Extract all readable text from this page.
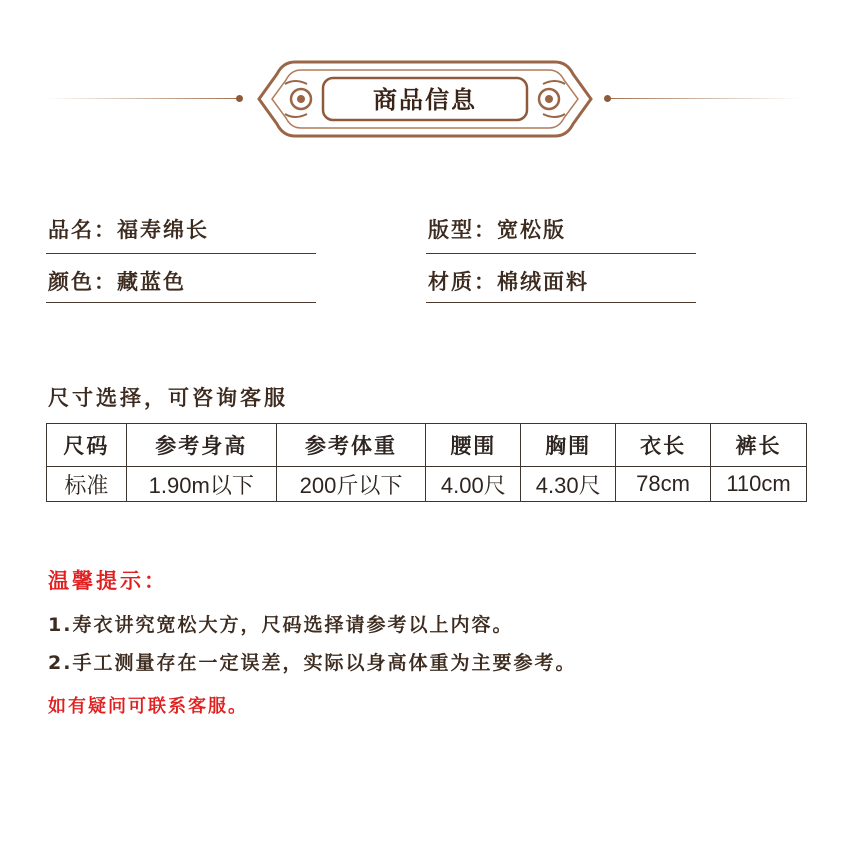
商品信息
品名：福寿绵长	版型：宽松版
颜色：藏蓝色	材质：棉绒面料
尺寸选择，可咨询客服
尺码	参考身高	参考体重	腰围	胸围	衣长	裤长
标准	1.90m以下	200斤以下	4.00尺	4.30尺	78cm	110cm
温馨提示：
1.寿衣讲究宽松大方，尺码选择请参考以上内容。
2.手工测量存在一定误差，实际以身高体重为主要参考。
如有疑问可联系客服。
